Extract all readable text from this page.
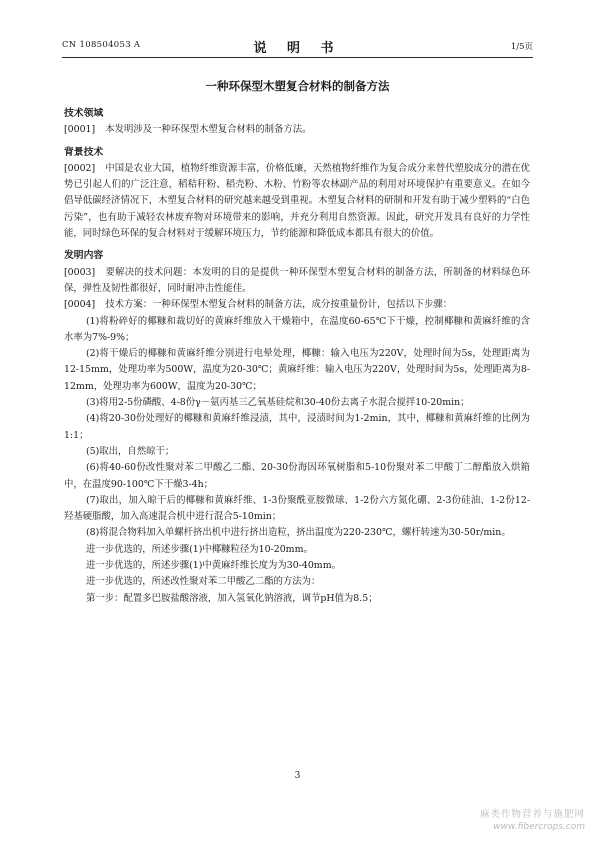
CN 108504053 A	说 明 书	1/5页
一种环保型木塑复合材料的制备方法
技术领域

[0001] 本发明涉及一种环保型木塑复合材料的制备方法。

背景技术

[0002] 中国是农业大国，植物纤维资源丰富，价格低廉，天然植物纤维作为复合成分来替代塑胶成分的潜在优势已引起人们的广泛注意，稻秸秆粉、稻壳粉、木粉、竹粉等农林副产品的利用对环境保护有重要意义。在如今倡导低碳经济情况下，木塑复合材料的研究越来越受到重视。木塑复合材料的研制和开发有助于减少塑料的“白色污染”，也有助于减轻农林废弃物对环境带来的影响，并充分利用自然资源。因此，研究开发具有良好的力学性能，同时绿色环保的复合材料对于缓解环境压力，节约能源和降低成本都具有很大的价值。

发明内容

[0003] 要解决的技术问题：本发明的目的是提供一种环保型木塑复合材料的制备方法，所制备的材料绿色环保，弹性及韧性都很好，同时耐冲击性能佳。

[0004] 技术方案：一种环保型木塑复合材料的制备方法，成分按重量份计，包括以下步骤：

(1)将粉碎好的椰糠和裁切好的黄麻纤维放入干燥箱中，在温度60-65℃下干燥，控制椰糠和黄麻纤维的含水率为7%-9%；

(2)将干燥后的椰糠和黄麻纤维分别进行电晕处理，椰糠：输入电压为220V，处理时间为5s，处理距离为12-15mm，处理功率为500W，温度为20-30℃；黄麻纤维：输入电压为220V，处理时间为5s，处理距离为8-12mm，处理功率为600W，温度为20-30℃；

(3)将用2-5份磷酸、4-8份γ－氨丙基三乙氧基硅烷和30-40份去离子水混合搅拌10-20min；

(4)将20-30份处理好的椰糠和黄麻纤维浸渍，其中，浸渍时间为1-2min，其中，椰糠和黄麻纤维的比例为1:1；

(5)取出，自然晾干；

(6)将40-60份改性聚对苯二甲酸乙二酯、20-30份海因环氧树脂和5-10份聚对苯二甲酸丁二醇酯放入烘箱中，在温度90-100℃下干燥3-4h；

(7)取出，加入晾干后的椰糠和黄麻纤维、1-3份聚酰亚胺微球、1-2份六方氮化硼、2-3份硅油、1-2份12-羟基硬脂酸，加入高速混合机中进行混合5-10min；

(8)将混合物料加入单螺杆挤出机中进行挤出造粒，挤出温度为220-230℃，螺杆转速为30-50r/min。

进一步优选的，所述步骤(1)中椰糠粒径为10-20mm。

进一步优选的，所述步骤(1)中黄麻纤维长度为为30-40mm。

进一步优选的，所述改性聚对苯二甲酸乙二酯的方法为：

第一步：配置多巴胺盐酸溶液，加入氢氧化钠溶液，调节pH值为8.5；

3
麻类作物营养与施肥网
www.fibercrops.com
